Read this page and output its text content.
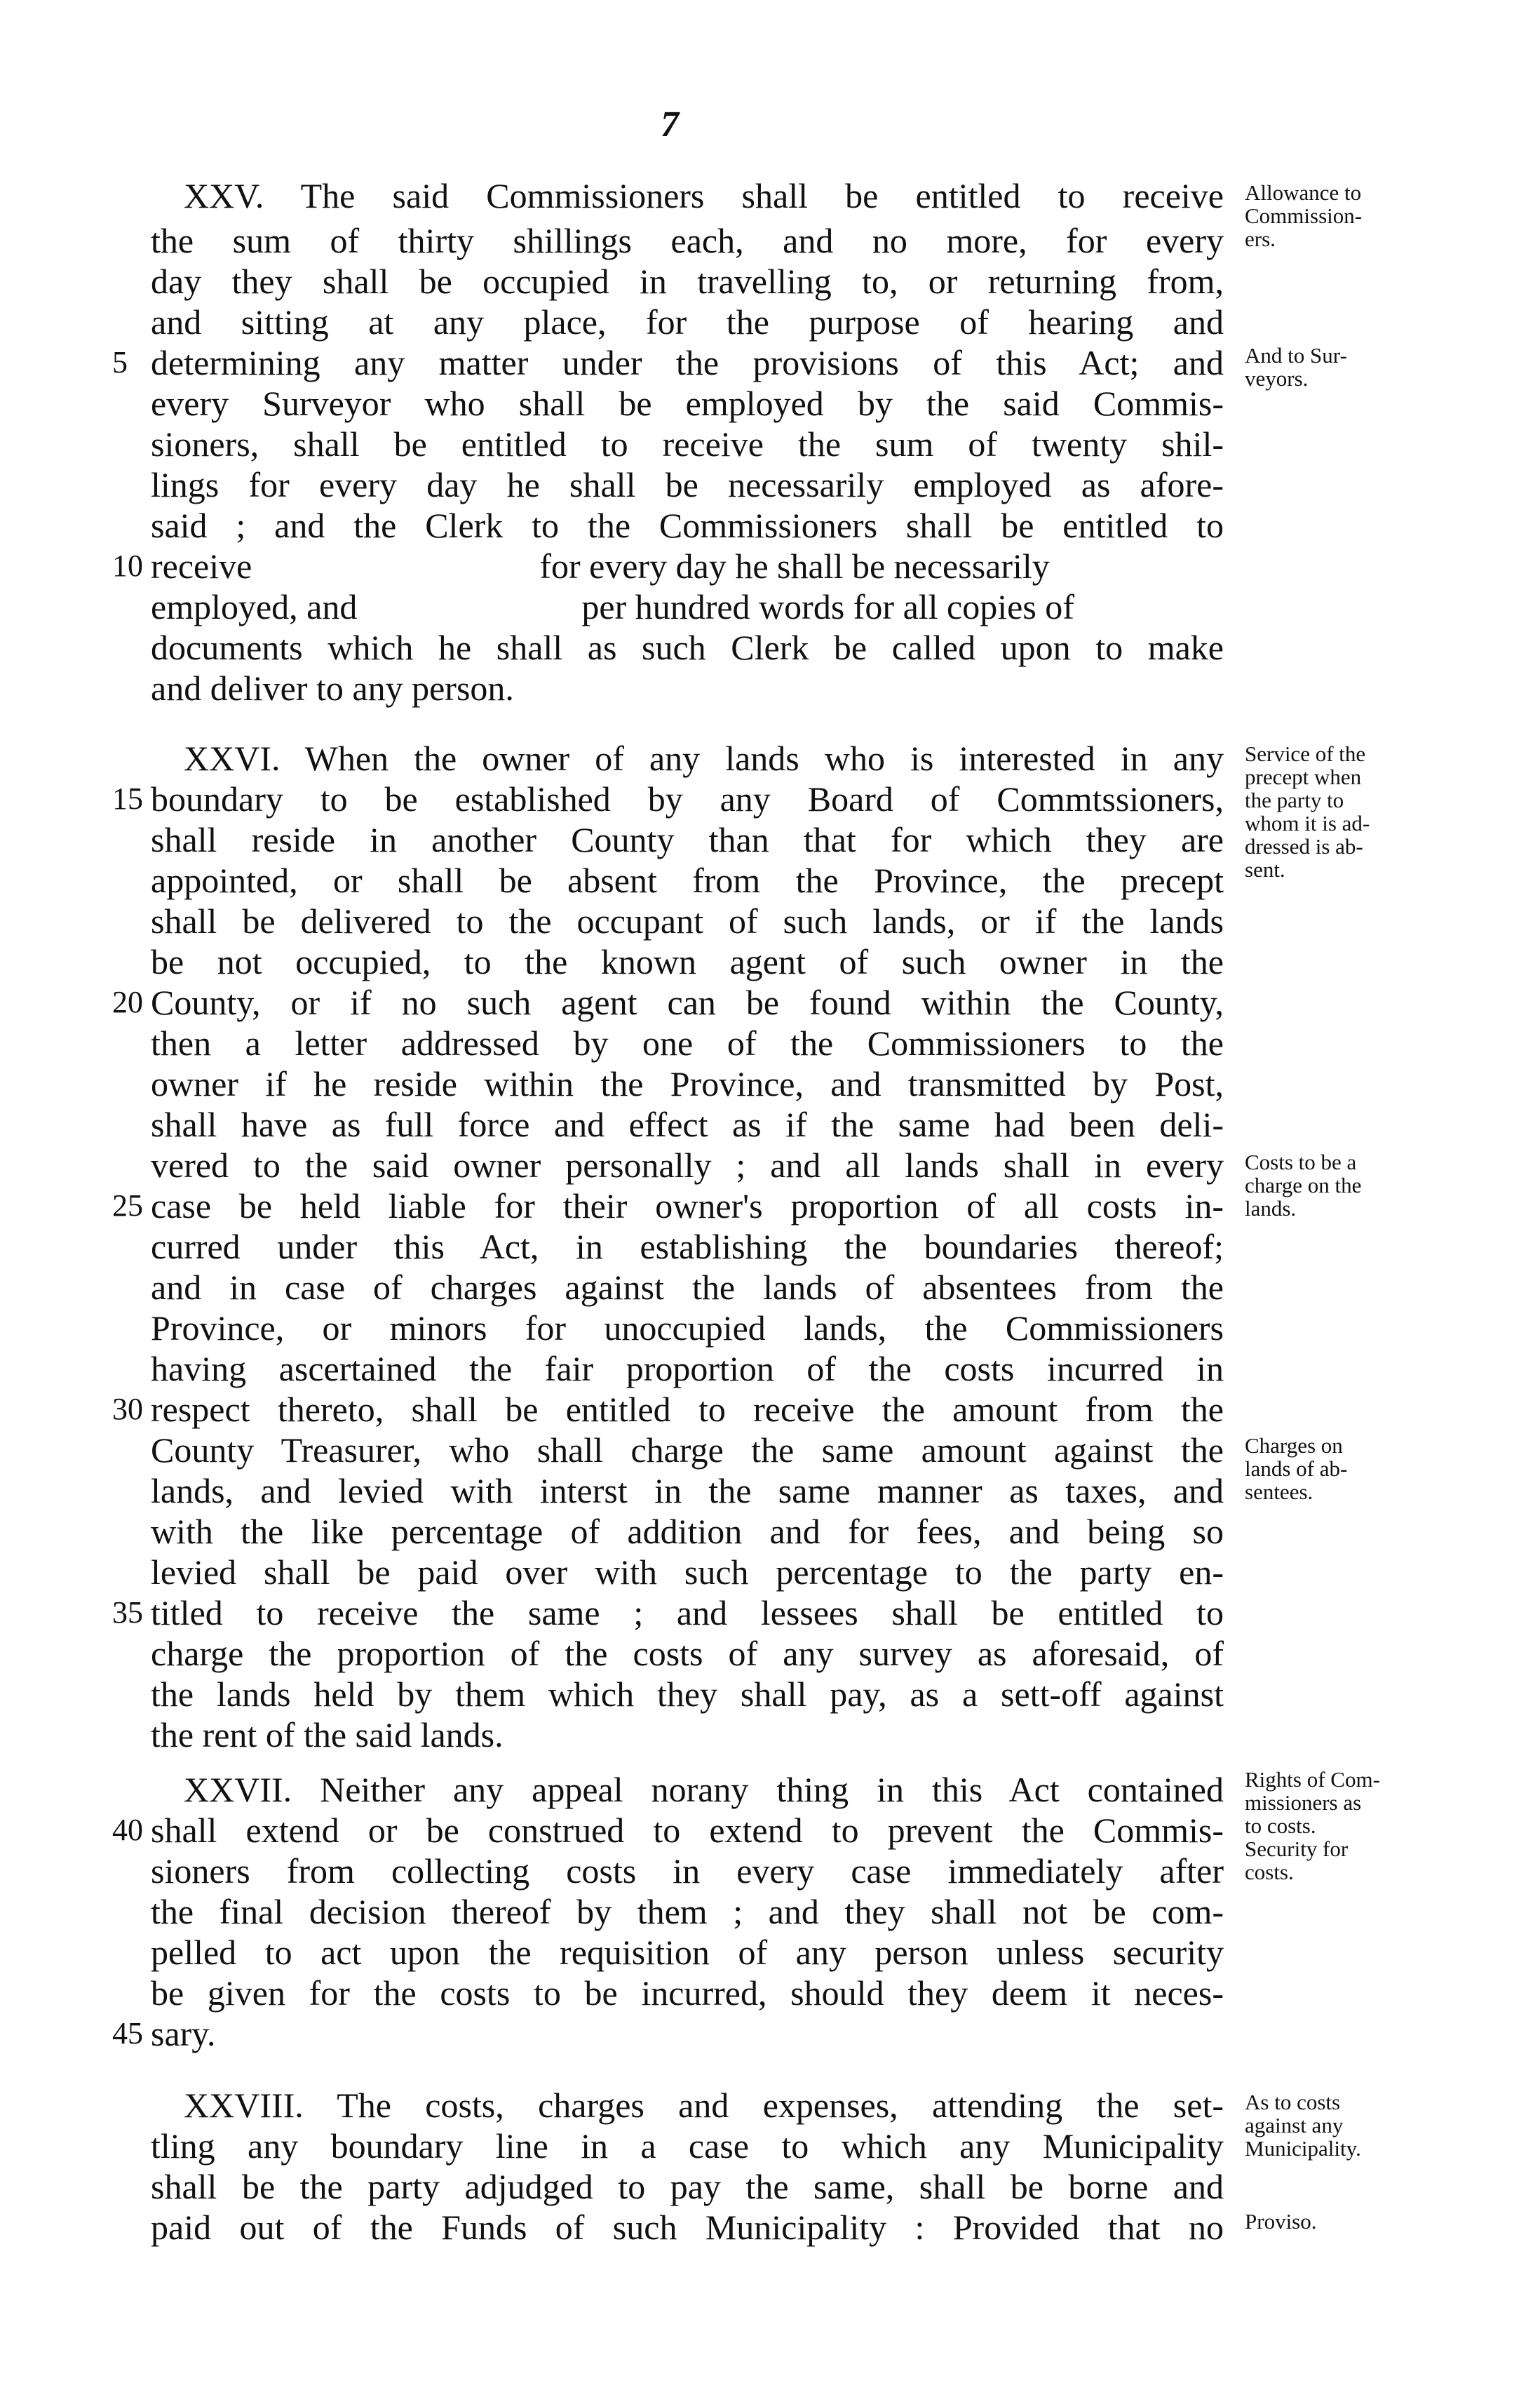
7
XXV. The said Commissioners shall be entitled to receive
the sum of thirty shillings each, and no more, for every
day they shall be occupied in travelling to, or returning from,
and sitting at any place, for the purpose of hearing and
determining any matter under the provisions of this Act; and
5
every Surveyor who shall be employed by the said Commis-
sioners, shall be entitled to receive the sum of twenty shil-
lings for every day he shall be necessarily employed as afore-
said ; and the Clerk to the Commissioners shall be entitled to
receive	for every day he shall be necessarily
10
employed, and	per hundred words for all copies of
documents which he shall as such Clerk be called upon to make
and deliver to any person.
XXVI. When the owner of any lands who is interested in any
boundary to be established by any Board of Commtssioners,
15
shall reside in another County than that for which they are
appointed, or shall be absent from the Province, the precept
shall be delivered to the occupant of such lands, or if the lands
be not occupied, to the known agent of such owner in the
County, or if no such agent can be found within the County,
20
then a letter addressed by one of the Commissioners to the
owner if he reside within the Province, and transmitted by Post,
shall have as full force and effect as if the same had been deli-
vered to the said owner personally ; and all lands shall in every
case be held liable for their owner's proportion of all costs in-
25
curred under this Act, in establishing the boundaries thereof;
and in case of charges against the lands of absentees from the
Province, or minors for unoccupied lands, the Commissioners
having ascertained the fair proportion of the costs incurred in
respect thereto, shall be entitled to receive the amount from the
30
County Treasurer, who shall charge the same amount against the
lands, and levied with interst in the same manner as taxes, and
with the like percentage of addition and for fees, and being so
levied shall be paid over with such percentage to the party en-
titled to receive the same ; and lessees shall be entitled to
35
charge the proportion of the costs of any survey as aforesaid, of
the lands held by them which they shall pay, as a sett-off against
the rent of the said lands.
XXVII. Neither any appeal norany thing in this Act contained
shall extend or be construed to extend to prevent the Commis-
40
sioners from collecting costs in every case immediately after
the final decision thereof by them ; and they shall not be com-
pelled to act upon the requisition of any person unless security
be given for the costs to be incurred, should they deem it neces-
sary.
45
XXVIII. The costs, charges and expenses, attending the set-
tling any boundary line in a case to which any Municipality
shall be the party adjudged to pay the same, shall be borne and
paid out of the Funds of such Municipality : Provided that no
Allowance to
Commission-
ers.
And to Sur-
veyors.
Service of the
precept when
the party to
whom it is ad-
dressed is ab-
sent.
Costs to be a
charge on the
lands.
Charges on
lands of ab-
sentees.
Rights of Com-
missioners as
to costs.
Security for
costs.
As to costs
against any
Municipality.
Proviso.
